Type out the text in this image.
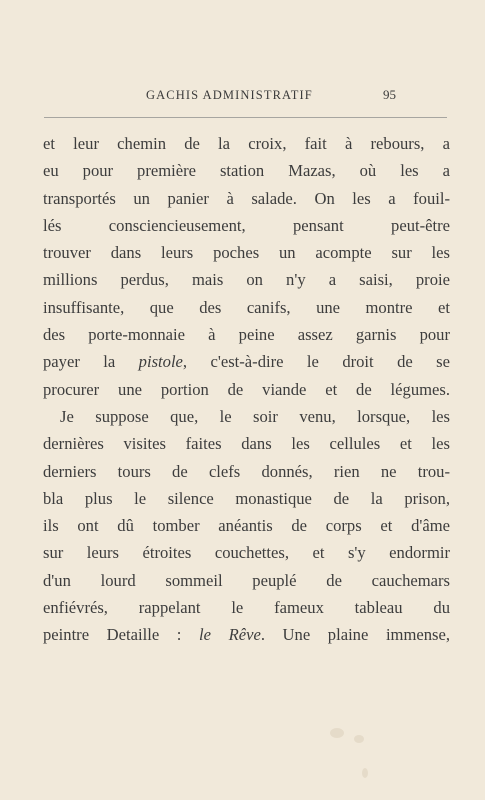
GACHIS ADMINISTRATIF	95
et leur chemin de la croix, fait à rebours, a
eu pour première station Mazas, où les a
transportés un panier à salade. On les a fouil-
lés consciencieusement, pensant peut-être
trouver dans leurs poches un acompte sur les
millions perdus, mais on n'y a saisi, proie
insuffisante, que des canifs, une montre et
des porte-monnaie à peine assez garnis pour
payer la pistole, c'est-à-dire le droit de se
procurer une portion de viande et de légumes.
Je suppose que, le soir venu, lorsque, les
dernières visites faites dans les cellules et les
derniers tours de clefs donnés, rien ne trou-
bla plus le silence monastique de la prison,
ils ont dû tomber anéantis de corps et d'âme
sur leurs étroites couchettes, et s'y endormir
d'un lourd sommeil peuplé de cauchemars
enfiévrés, rappelant le fameux tableau du
peintre Detaille : le Rêve. Une plaine immense,
